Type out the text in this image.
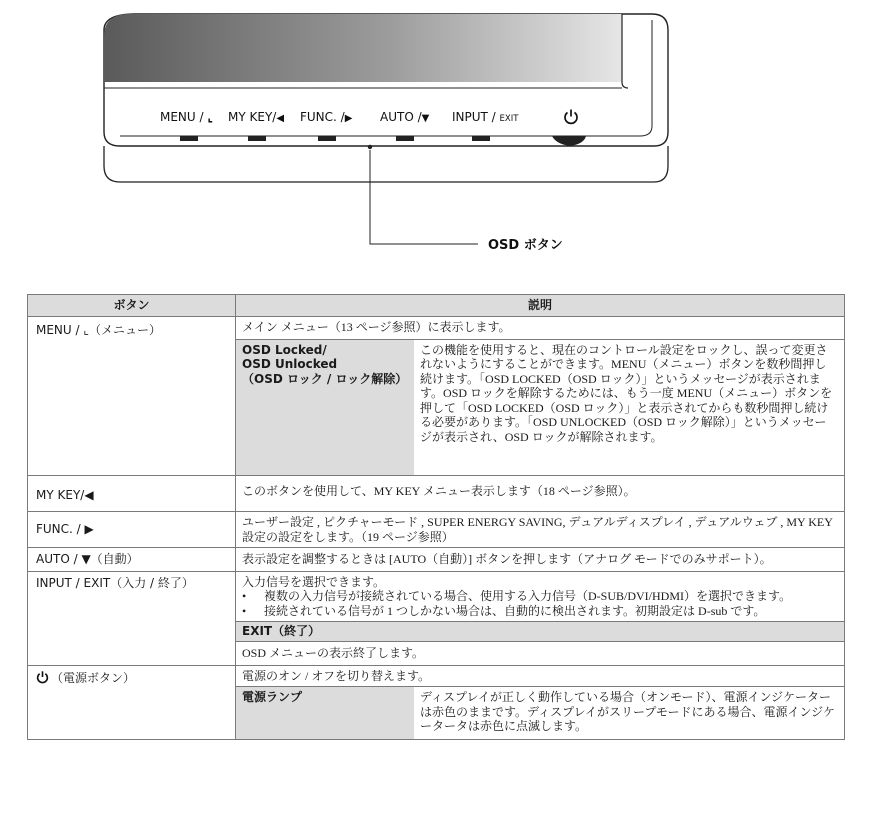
MENU / ⌞ MY KEY/◀ FUNC. /▶ AUTO /▼ INPUT / EXIT
OSD ボタン
ボタン	説明
MENU / ⌞（メニュー）		メイン メニュー（13 ページ参照）に表示します。

OSD Locked/
OSD Unlocked
（OSD ロック / ロック解除）
	この機能を使用すると、現在のコントロール設定をロックし、誤って変更されないようにすることができます。MENU（メニュー）ボタンを数秒間押し続けます。「OSD LOCKED（OSD ロック）」というメッセージが表示されます。OSD ロックを解除するためには、もう一度 MENU（メニュー）ボタンを押して「OSD LOCKED（OSD ロック）」と表示されてからも数秒間押し続ける必要があります。「OSD UNLOCKED（OSD ロック解除）」というメッセージが表示され、OSD ロックが解除されます。

MY KEY/◀	このボタンを使用して、MY KEY メニュー表示します（18 ページ参照）。
FUNC. / ▶	ユーザー設定 , ピクチャーモード , SUPER ENERGY SAVING, デュアルディスプレイ , デュアルウェブ , MY KEY 設定の設定をします。（19 ページ参照）
AUTO / ▼（自動）	表示設定を調整するときは [AUTO（自動）] ボタンを押します（アナログ モードでのみサポート）。
INPUT / EXIT（入力 / 終了）		入力信号を選択できます。
• 複数の入力信号が接続されている場合、使用する入力信号（D-SUB/DVI/HDMI）を選択できます。
• 接続されている信号が 1 つしかない場合は、自動的に検出されます。初期設定は D-sub です。

EXIT（終了）
OSD メニューの表示終了します。

（電源ボタン）		電源のオン / オフを切り替えます。
電源ランプ	ディスプレイが正しく動作している場合（オンモード）、電源インジケーターは赤色のままです。ディスプレイがスリープモードにある場合、電源インジケータータは赤色に点滅します。
